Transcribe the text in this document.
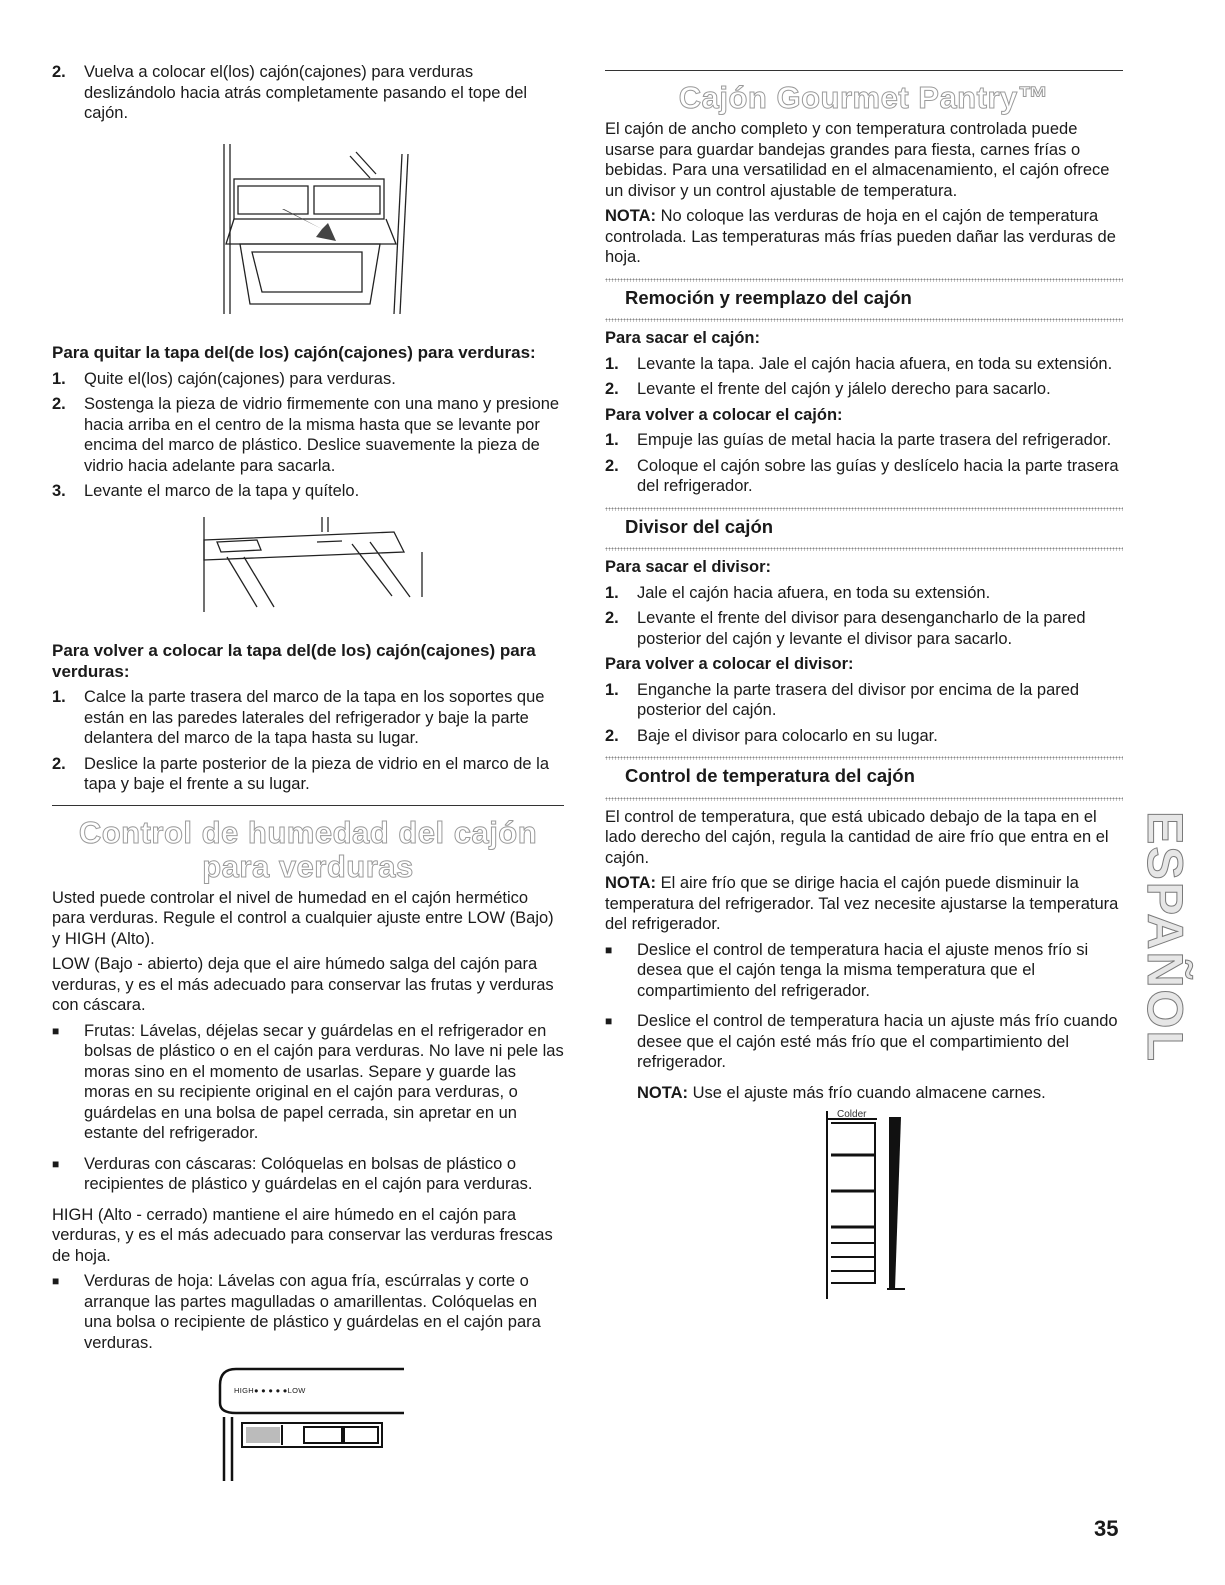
2.	Vuelva a colocar el(los) cajón(cajones) para verduras deslizándolo hacia atrás completamente pasando el tope del cajón.

Para quitar la tapa del(de los) cajón(cajones) para verduras:

1.	Quite el(los) cajón(cajones) para verduras.
2.	Sostenga la pieza de vidrio firmemente con una mano y presione hacia arriba en el centro de la misma hasta que se levante por encima del marco de plástico. Deslice suavemente la pieza de vidrio hacia adelante para sacarla.
3.	Levante el marco de la tapa y quítelo.

Para volver a colocar la tapa del(de los) cajón(cajones) para verduras:

1.	Calce la parte trasera del marco de la tapa en los soportes que están en las paredes laterales del refrigerador y baje la parte delantera del marco de la tapa hasta su lugar.
2.	Deslice la parte posterior de la pieza de vidrio en el marco de la tapa y baje el frente a su lugar.
Control de humedad del cajón para verduras

Usted puede controlar el nivel de humedad en el cajón hermético para verduras. Regule el control a cualquier ajuste entre LOW (Bajo) y HIGH (Alto).

LOW (Bajo - abierto) deja que el aire húmedo salga del cajón para verduras, y es el más adecuado para conservar las frutas y verduras con cáscara.

■	Frutas: Lávelas, déjelas secar y guárdelas en el refrigerador en bolsas de plástico o en el cajón para verduras. No lave ni pele las moras sino en el momento de usarlas. Separe y guarde las moras en su recipiente original en el cajón para verduras, o guárdelas en una bolsa de papel cerrada, sin apretar en un estante del refrigerador.
■	Verduras con cáscaras: Colóquelas en bolsas de plástico o recipientes de plástico y guárdelas en el cajón para verduras.

HIGH (Alto - cerrado) mantiene el aire húmedo en el cajón para verduras, y es el más adecuado para conservar las verduras frescas de hoja.

■	Verduras de hoja: Lávelas con agua fría, escúrralas y corte o arranque las partes magulladas o amarillentas. Colóquelas en una bolsa o recipiente de plástico y guárdelas en el cajón para verduras.
HIGH● ● ● ● ●LOW
Cajón Gourmet Pantry™

El cajón de ancho completo y con temperatura controlada puede usarse para guardar bandejas grandes para fiesta, carnes frías o bebidas. Para una versatilidad en el almacenamiento, el cajón ofrece un divisor y un control ajustable de temperatura.

NOTA: No coloque las verduras de hoja en el cajón de temperatura controlada. Las temperaturas más frías pueden dañar las verduras de hoja.

Remoción y reemplazo del cajón

Para sacar el cajón:

1.	Levante la tapa. Jale el cajón hacia afuera, en toda su extensión.
2.	Levante el frente del cajón y jálelo derecho para sacarlo.

Para volver a colocar el cajón:

1.	Empuje las guías de metal hacia la parte trasera del refrigerador.
2.	Coloque el cajón sobre las guías y deslícelo hacia la parte trasera del refrigerador.
Divisor del cajón

Para sacar el divisor:

1.	Jale el cajón hacia afuera, en toda su extensión.
2.	Levante el frente del divisor para desengancharlo de la pared posterior del cajón y levante el divisor para sacarlo.

Para volver a colocar el divisor:

1.	Enganche la parte trasera del divisor por encima de la pared posterior del cajón.
2.	Baje el divisor para colocarlo en su lugar.
Control de temperatura del cajón

El control de temperatura, que está ubicado debajo de la tapa en el lado derecho del cajón, regula la cantidad de aire frío que entra en el cajón.

NOTA: El aire frío que se dirige hacia el cajón puede disminuir la temperatura del refrigerador. Tal vez necesite ajustarse la temperatura del refrigerador.

■	Deslice el control de temperatura hacia el ajuste menos frío si desea que el cajón tenga la misma temperatura que el compartimiento del refrigerador.
■	Deslice el control de temperatura hacia un ajuste más frío cuando desee que el cajón esté más frío que el compartimiento del refrigerador.

NOTA: Use el ajuste más frío cuando almacene carnes.

Colder
ESPAÑOL
35
